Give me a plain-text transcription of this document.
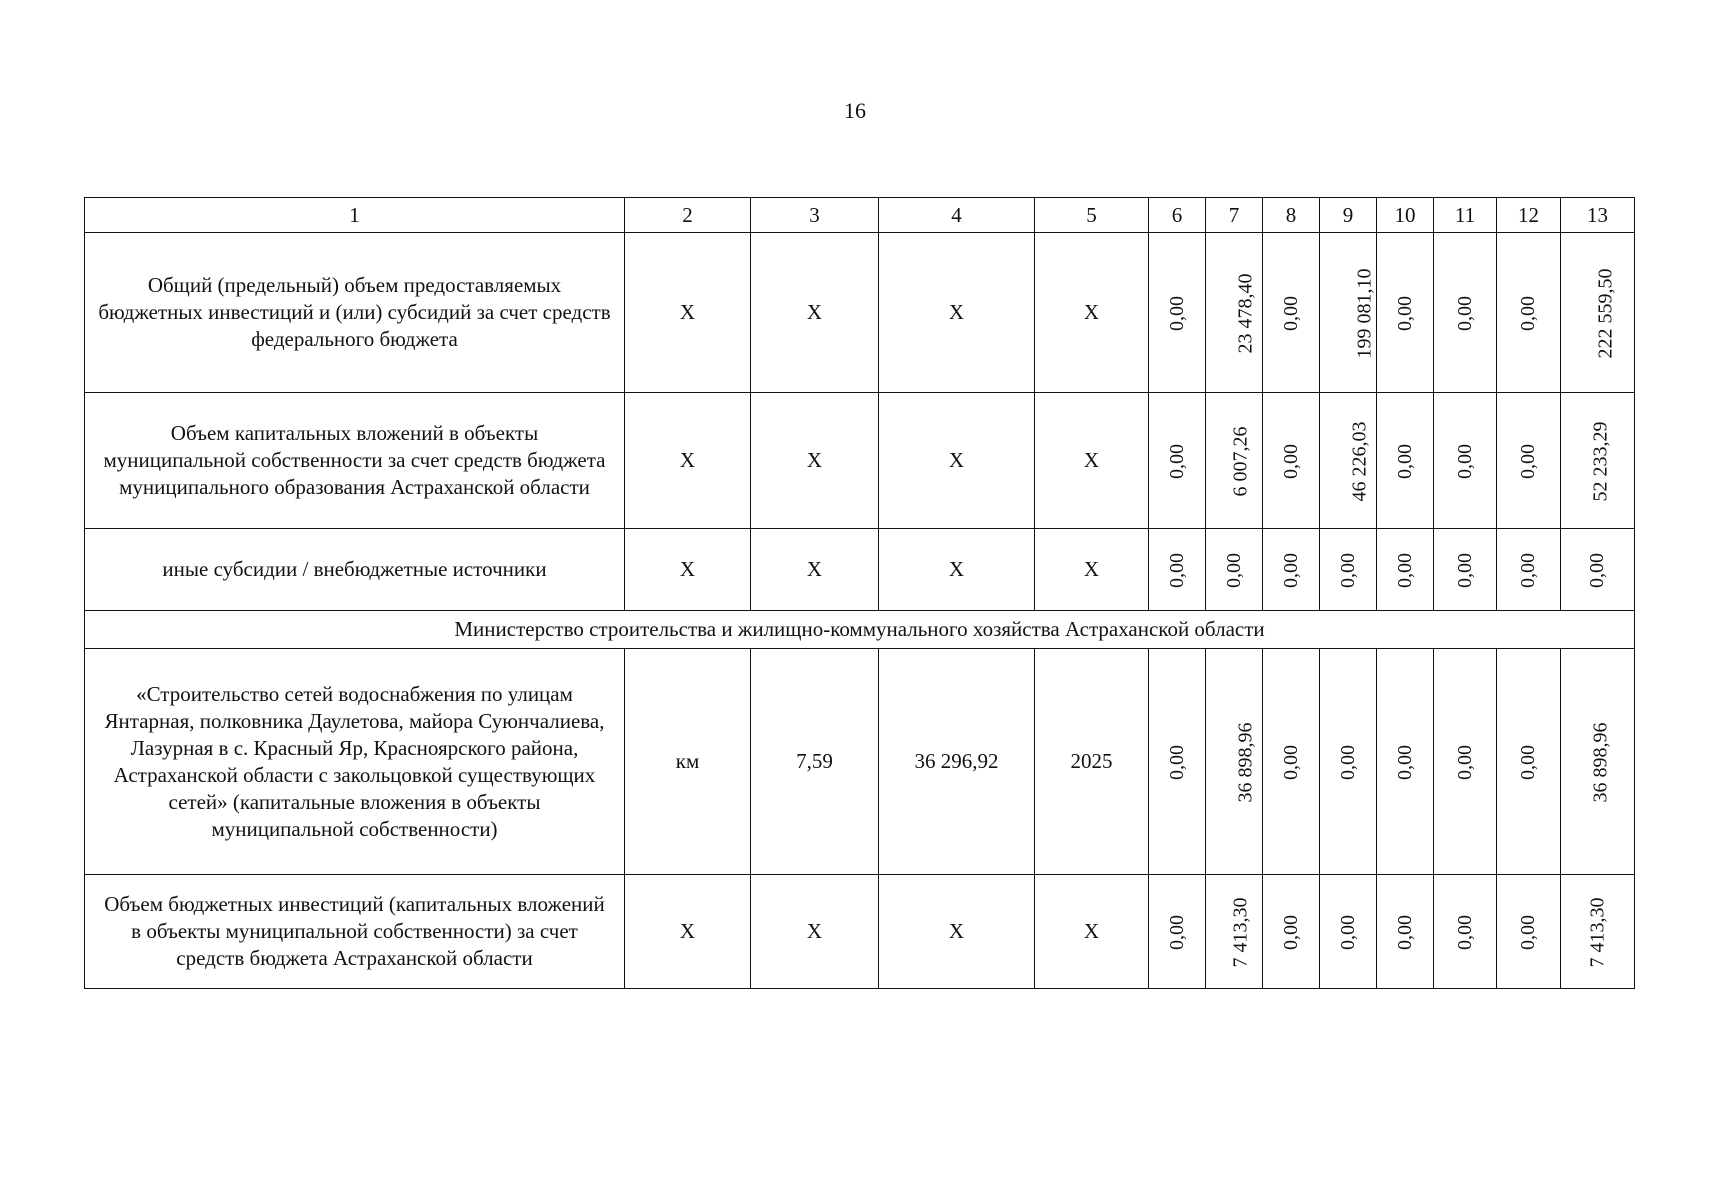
16
1	2	3	4	5	6	7	8	9	10	11	12	13
Общий (предельный) объем предоставляемых бюджетных инвестиций и (или) субсидий за счет средств федерального бюджета	Х	Х	Х	Х	0,00	23 478,40	0,00	199 081,10	0,00	0,00	0,00	222 559,50
Объем капитальных вложений в объекты муниципальной собственности за счет средств бюджета муниципального образования Астраханской области	Х	Х	Х	Х	0,00	6 007,26	0,00	46 226,03	0,00	0,00	0,00	52 233,29
иные субсидии / внебюджетные источники	Х	Х	Х	Х	0,00	0,00	0,00	0,00	0,00	0,00	0,00	0,00
Министерство строительства и жилищно-коммунального хозяйства Астраханской области												
«Строительство сетей водоснабжения по улицам Янтарная, полковника Даулетова, майора Суюнчалиева, Лазурная в с. Красный Яр, Красноярского района, Астраханской области с закольцовкой существующих сетей» (капитальные вложения в объекты муниципальной собственности)	км	7,59	36 296,92	2025	0,00	36 898,96	0,00	0,00	0,00	0,00	0,00	36 898,96
Объем бюджетных инвестиций (капитальных вложений в объекты муниципальной собственности) за счет средств бюджета Астраханской области	Х	Х	Х	Х	0,00	7 413,30	0,00	0,00	0,00	0,00	0,00	7 413,30
